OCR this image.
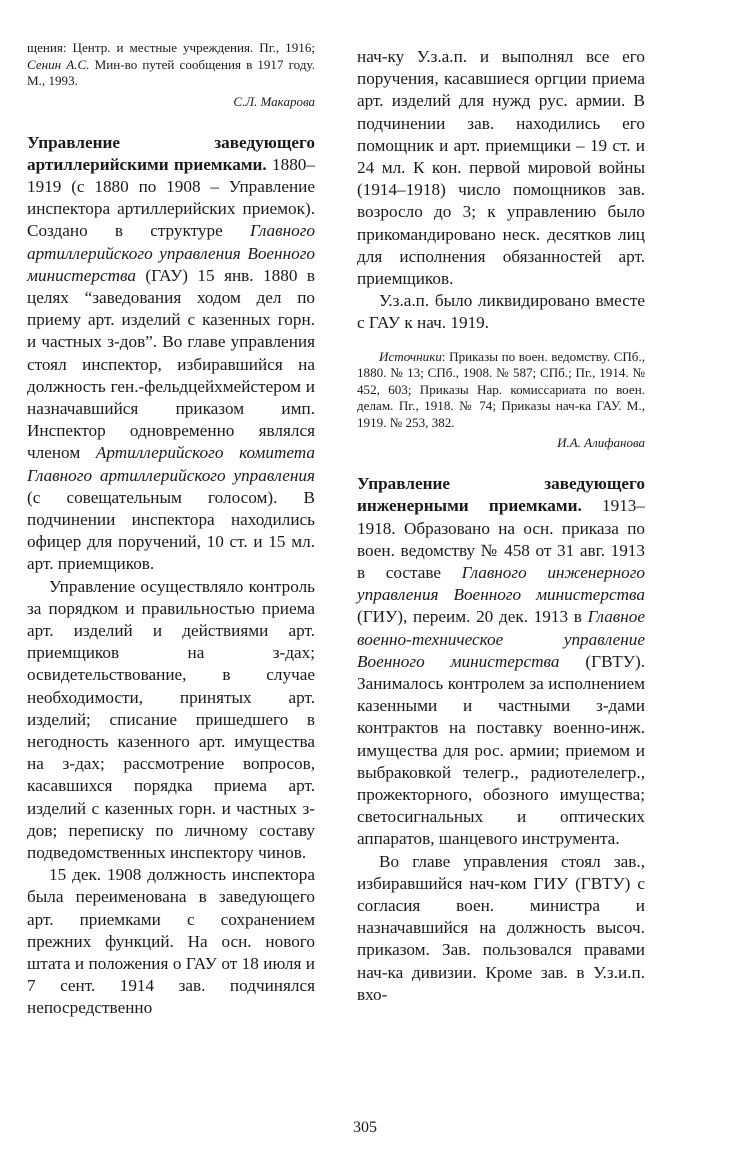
щения: Центр. и местные учреждения. Пг., 1916; Сенин А.С. Мин-во путей сообщения в 1917 году. М., 1993.

С.Л. Макарова

Управление заведующего артиллерийскими приемками. 1880–1919 (с 1880 по 1908 – Управление инспектора артиллерийских приемок). Создано в структуре Главного артиллерийского управления Военного министерства (ГАУ) 15 янв. 1880 в целях “заведования ходом дел по приему арт. изделий с казенных горн. и частных з-дов”. Во главе управления стоял инспектор, избиравшийся на должность ген.-фельдцейхмейстером и назначавшийся приказом имп. Инспектор одновременно являлся членом Артиллерийского комитета Главного артиллерийского управления (с совещательным голосом). В подчинении инспектора находились офицер для поручений, 10 ст. и 15 мл. арт. приемщиков.

Управление осуществляло контроль за порядком и правильностью приема арт. изделий и действиями арт. приемщиков на з-дах; освидетельствование, в случае необходимости, принятых арт. изделий; списание пришедшего в негодность казенного арт. имущества на з-дах; рассмотрение вопросов, касавшихся порядка приема арт. изделий с казенных горн. и частных з-дов; переписку по личному составу подведомственных инспектору чинов.

15 дек. 1908 должность инспектора была переименована в заведующего арт. приемками с сохранением прежних функций. На осн. нового штата и положения о ГАУ от 18 июля и 7 сент. 1914 зав. подчинялся непосредственно

нач-ку У.з.а.п. и выполнял все его поручения, касавшиеся оргции приема арт. изделий для нужд рус. армии. В подчинении зав. находились его помощник и арт. приемщики – 19 ст. и 24 мл. К кон. первой мировой войны (1914–1918) число помощников зав. возросло до 3; к управлению было прикомандировано неск. десятков лиц для исполнения обязанностей арт. приемщиков.

У.з.а.п. было ликвидировано вместе с ГАУ к нач. 1919.

Источники: Приказы по воен. ведомству. СПб., 1880. № 13; СПб., 1908. № 587; СПб.; Пг., 1914. № 452, 603; Приказы Нар. комиссариата по воен. делам. Пг., 1918. № 74; Приказы нач-ка ГАУ. М., 1919. № 253, 382.

И.А. Алифанова

Управление заведующего инженерными приемками. 1913–1918. Образовано на осн. приказа по воен. ведомству № 458 от 31 авг. 1913 в составе Главного инженерного управления Военного министерства (ГИУ), переим. 20 дек. 1913 в Главное военно-техническое управление Военного министерства (ГВТУ). Занималось контролем за исполнением казенными и частными з-дами контрактов на поставку военно-инж. имущества для рос. армии; приемом и выбраковкой телегр., радиотелелегр., прожекторного, обозного имущества; светосигнальных и оптических аппаратов, шанцевого инструмента.

Во главе управления стоял зав., избиравшийся нач-ком ГИУ (ГВТУ) с согласия воен. министра и назначавшийся на должность высоч. приказом. Зав. пользовался правами нач-ка дивизии. Кроме зав. в У.з.и.п. вхо-

305
